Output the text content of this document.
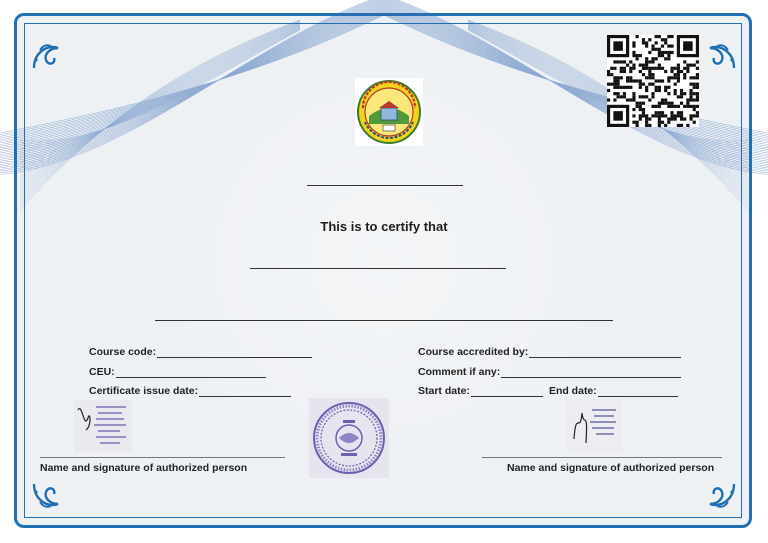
This is to certify that
Course code:
CEU:
Certificate issue date:
Course accredited by:
Comment if any:
Start date:	End date:
Name and signature of authorized person	Name and signature of authorized person
